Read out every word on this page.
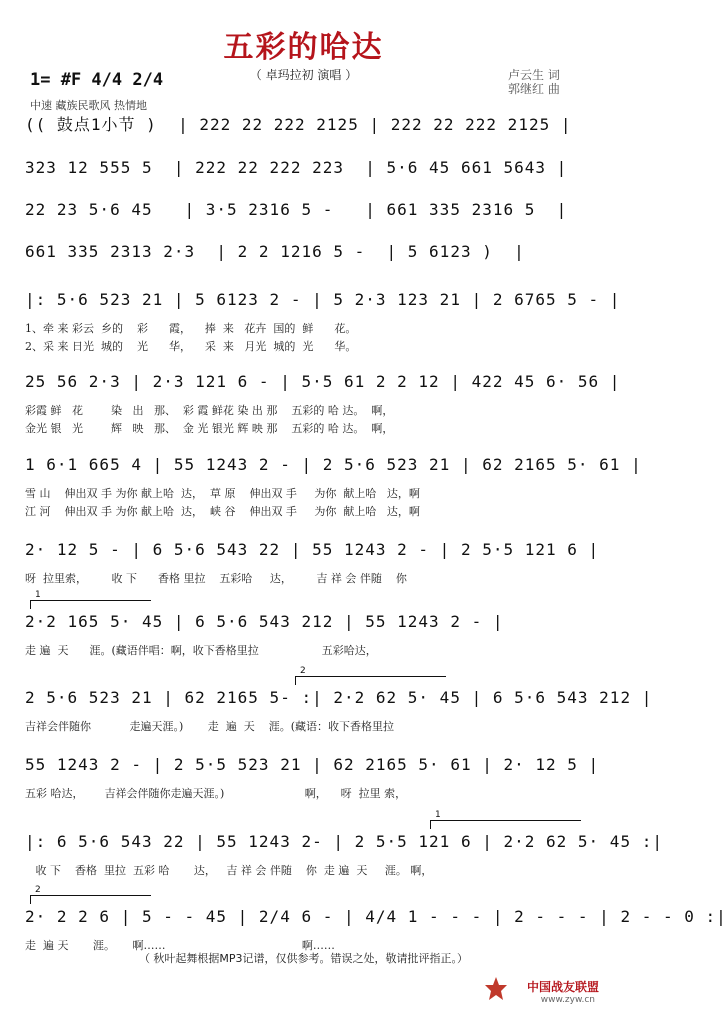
五彩的哈达
（ 卓玛拉初 演唱 ）	卢云生 词
郭继红 曲
1= #F 4/4 2/4
中速 藏族民歌风 热情地
(( 鼓点1小节 )  | 222 22 222 2125 | 222 22 222 2125 |
323 12 555 5  | 222 22 222 223  | 5·6 45 661 5643 |
22 23 5·6 45   | 3·5 2316 5 -   | 661 335 2316 5  |
661 335 2313 2·3  | 2 2 1216 5 -  | 5 6123 )  |
|: 5·6 523 21 | 5 6123 2 - | 5 2·3 123 21 | 2 6765 5 - |
1、牵 来 彩云  乡的    彩      霞，    捧  来   花卉  国的  鲜      花。
2、采 来 日光  城的    光      华，    采  来   月光  城的  光      华。
25 56 2·3 | 2·3 121 6 - | 5·5 61 2 2 12 | 422 45 6· 56 |
彩霞 鲜   花        染   出   那、  彩 霞 鲜花 染 出 那    五彩的 哈 达。  啊，
金光 银   光        辉   映   那、  金 光 银光 辉 映 那    五彩的 哈 达。  啊，
1 6·1 665 4 | 55 1243 2 - | 2 5·6 523 21 | 62 2165 5· 61 |
雪 山    伸出双 手 为你 献上哈  达，  草 原    伸出双 手     为你  献上哈   达，啊
江 河    伸出双 手 为你 献上哈  达，  峡 谷    伸出双 手     为你  献上哈   达，啊
2· 12 5 - | 6 5·6 543 22 | 55 1243 2 - | 2 5·5 121 6 |
呀  拉里索，       收 下      香格 里拉    五彩哈     达，       吉 祥 会 伴随    你
1
2·2 165 5· 45 | 6 5·6 543 212 | 55 1243 2 - |
走 遍  天      涯。(藏语伴唱：啊，收下香格里拉                  五彩哈达，
2
2 5·6 523 21 | 62 2165 5- :| 2·2 62 5· 45 | 6 5·6 543 212 |
吉祥会伴随你           走遍天涯。)       走  遍  天    涯。(藏语：收下香格里拉
55 1243 2 - | 2 5·5 523 21 | 62 2165 5· 61 | 2· 12 5 |
五彩 哈达，      吉祥会伴随你走遍天涯。)                       啊，    呀  拉里 索，
1
|: 6 5·6 543 22 | 55 1243 2- | 2 5·5 121 6 | 2·2 62 5· 45 :|
收 下    香格  里拉  五彩 哈       达，   吉 祥 会 伴随    你  走 遍  天     涯。 啊，
2
2· 2 2 6 | 5 - - 45 | 2/4 6 - | 4/4 1 - - - | 2 - - - | 2 - - 0 :|
走  遍 天       涯。     啊……                                       啊……
（ 秋叶起舞根据MP3记谱，仅供参考。错误之处，敬请批评指正。）
中国战友联盟
www.zyw.cn
